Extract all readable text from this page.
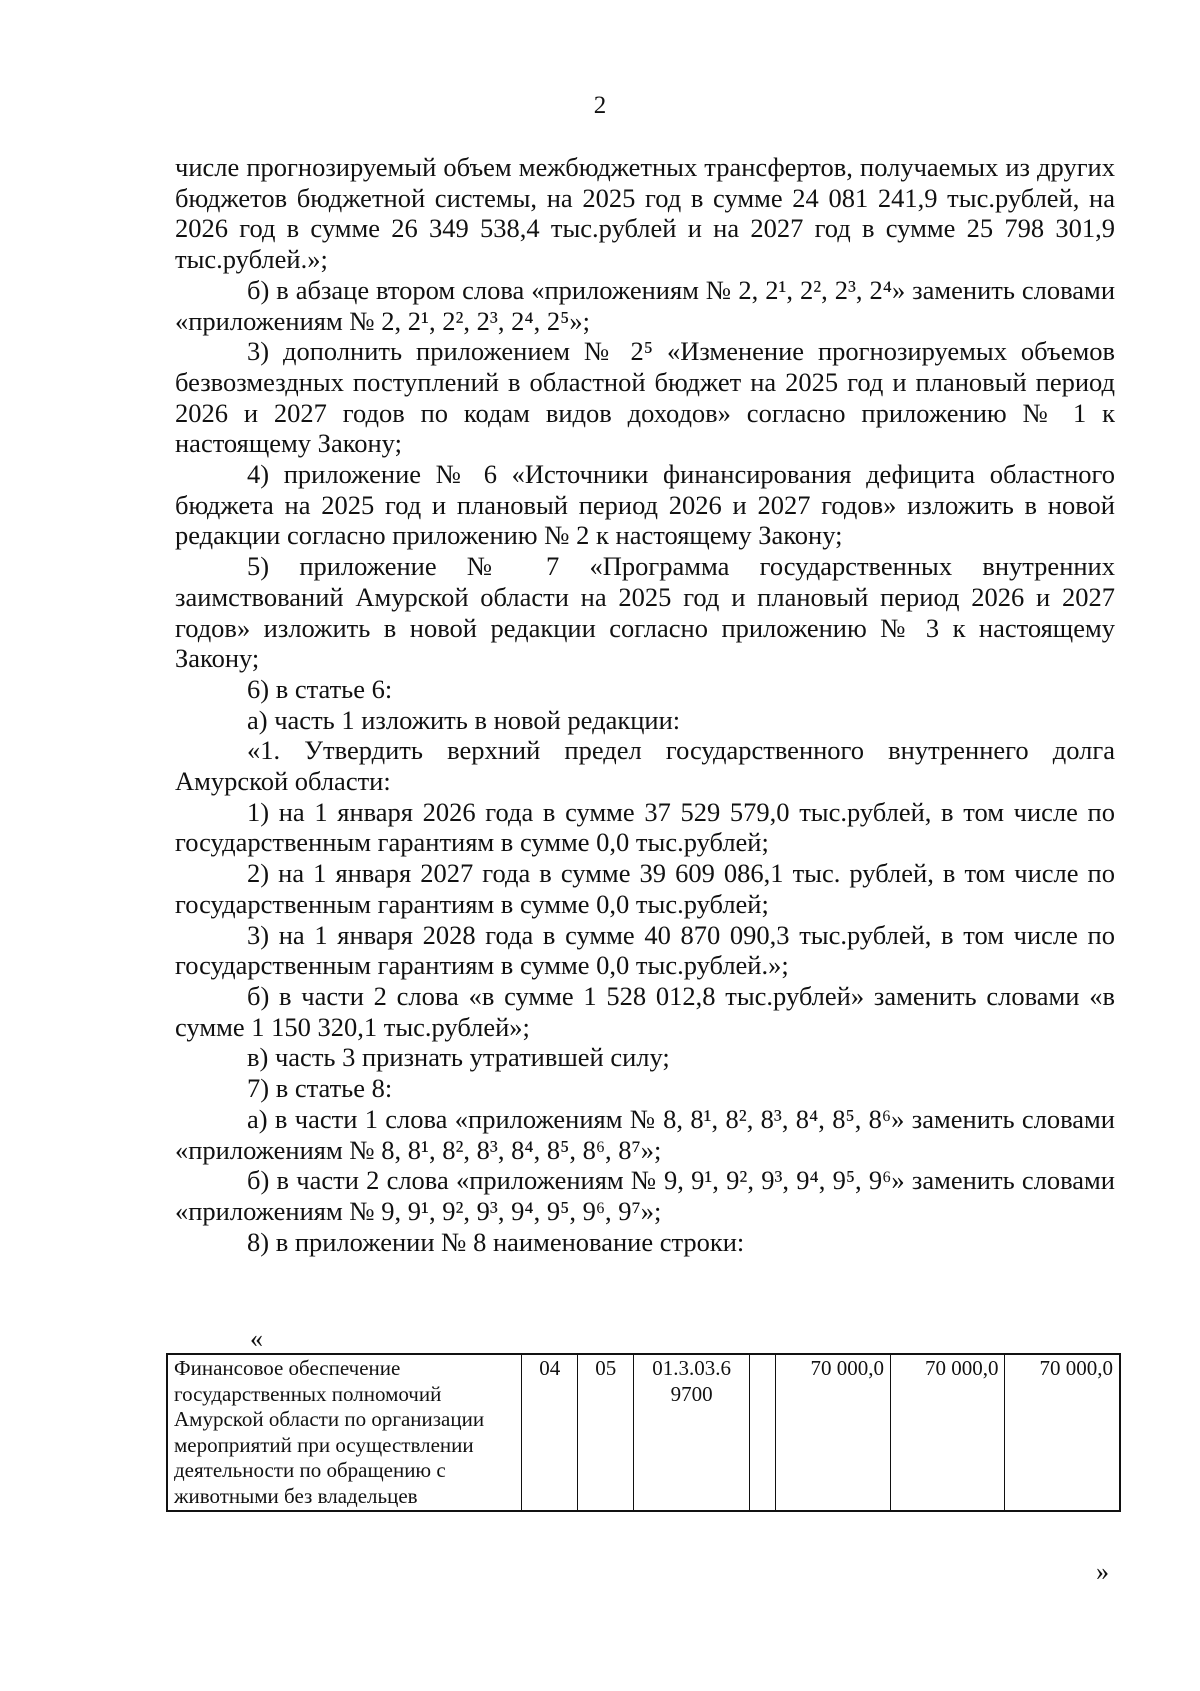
2

числе прогнозируемый объем межбюджетных трансфертов, получаемых из других бюджетов бюджетной системы, на 2025 год в сумме 24 081 241,9 тыс.рублей, на 2026 год в сумме 26 349 538,4 тыс.рублей и на 2027 год в сумме 25 798 301,9 тыс.рублей.»;

б) в абзаце втором слова «приложениям № 2, 2¹, 2², 2³, 2⁴» заменить словами «приложениям № 2, 2¹, 2², 2³, 2⁴, 2⁵»;

3) дополнить приложением № 2⁵ «Изменение прогнозируемых объемов безвозмездных поступлений в областной бюджет на 2025 год и плановый период 2026 и 2027 годов по кодам видов доходов» согласно приложению № 1 к настоящему Закону;

4) приложение № 6 «Источники финансирования дефицита областного бюджета на 2025 год и плановый период 2026 и 2027 годов» изложить в новой редакции согласно приложению № 2 к настоящему Закону;

5) приложение № 7 «Программа государственных внутренних заимствований Амурской области на 2025 год и плановый период 2026 и 2027 годов» изложить в новой редакции согласно приложению № 3 к настоящему Закону;

6) в статье 6:

а) часть 1 изложить в новой редакции:

«1. Утвердить верхний предел государственного внутреннего долга Амурской области:

1) на 1 января 2026 года в сумме 37 529 579,0 тыс.рублей, в том числе по государственным гарантиям в сумме 0,0 тыс.рублей;

2) на 1 января 2027 года в сумме 39 609 086,1 тыс. рублей, в том числе по государственным гарантиям в сумме 0,0 тыс.рублей;

3) на 1 января 2028 года в сумме 40 870 090,3 тыс.рублей, в том числе по государственным гарантиям в сумме 0,0 тыс.рублей.»;

б) в части 2 слова «в сумме 1 528 012,8 тыс.рублей» заменить словами «в сумме 1 150 320,1 тыс.рублей»;

в) часть 3 признать утратившей силу;

7) в статье 8:

а) в части 1 слова «приложениям № 8, 8¹, 8², 8³, 8⁴, 8⁵, 8⁶» заменить словами «приложениям № 8, 8¹, 8², 8³, 8⁴, 8⁵, 8⁶, 8⁷»;

б) в части 2 слова «приложениям № 9, 9¹, 9², 9³, 9⁴, 9⁵, 9⁶» заменить словами «приложениям № 9, 9¹, 9², 9³, 9⁴, 9⁵, 9⁶, 9⁷»;

8) в приложении № 8 наименование строки:

«
Финансовое обеспечение государственных полномочий Амурской области по организации мероприятий при осуществлении деятельности по обращению с животными без владельцев	04	05	01.3.03.6 9700		70 000,0	70 000,0	70 000,0
»
